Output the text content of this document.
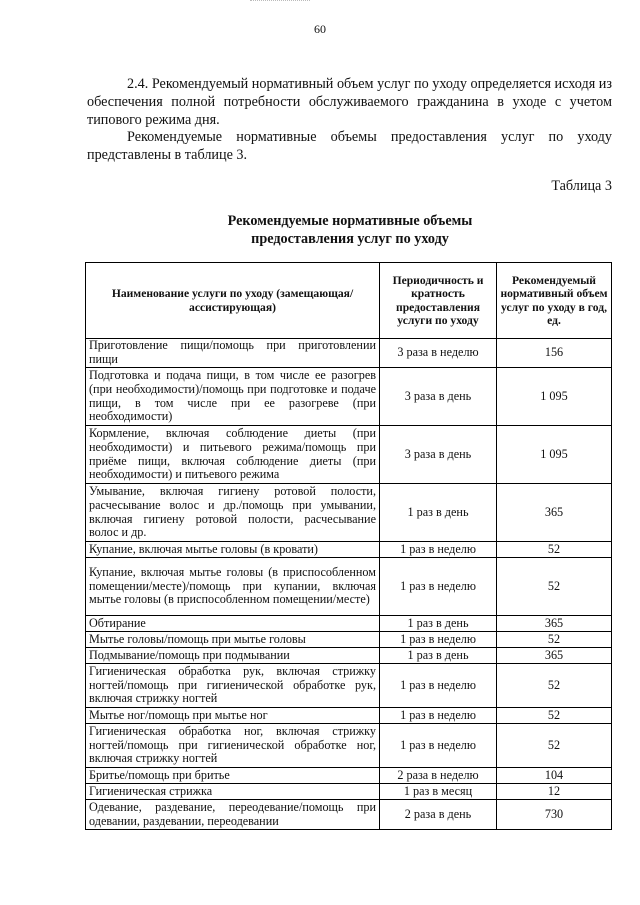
60

2.4. Рекомендуемый нормативный объем услуг по уходу определяется исходя из обеспечения полной потребности обслуживаемого гражданина в уходе с учетом типового режима дня.

Рекомендуемые нормативные объемы предоставления услуг по уходу представлены в таблице 3.

Таблица 3
Рекомендуемые нормативные объемы
предоставления услуг по уходу
Наименование услуги по уходу (замещающая/ассистирующая)	Периодичность и кратность предоставления услуги по уходу	Рекомендуемый нормативный объем услуг по уходу в год, ед.
Приготовление пищи/помощь при приготовлении пищи	3 раза в неделю	156
Подготовка и подача пищи, в том числе ее разогрев (при необходимости)/помощь при подготовке и подаче пищи, в том числе при ее разогреве (при необходимости)	3 раза в день	1 095
Кормление, включая соблюдение диеты (при необходимости) и питьевого режима/помощь при приёме пищи, включая соблюдение диеты (при необходимости) и питьевого режима	3 раза в день	1 095
Умывание, включая гигиену ротовой полости, расчесывание волос и др./помощь при умывании, включая гигиену ротовой полости, расчесывание волос и др.	1 раз в день	365
Купание, включая мытье головы (в кровати)	1 раз в неделю	52
Купание, включая мытье головы (в приспособленном помещении/месте)/помощь при купании, включая мытье головы (в приспособленном помещении/месте)	1 раз в неделю	52
Обтирание	1 раз в день	365
Мытье головы/помощь при мытье головы	1 раз в неделю	52
Подмывание/помощь при подмывании	1 раз в день	365
Гигиеническая обработка рук, включая стрижку ногтей/помощь при гигиенической обработке рук, включая стрижку ногтей	1 раз в неделю	52
Мытье ног/помощь при мытье ног	1 раз в неделю	52
Гигиеническая обработка ног, включая стрижку ногтей/помощь при гигиенической обработке ног, включая стрижку ногтей	1 раз в неделю	52
Бритье/помощь при бритье	2 раза в неделю	104
Гигиеническая стрижка	1 раз в месяц	12
Одевание, раздевание, переодевание/помощь при одевании, раздевании, переодевании	2 раза в день	730
